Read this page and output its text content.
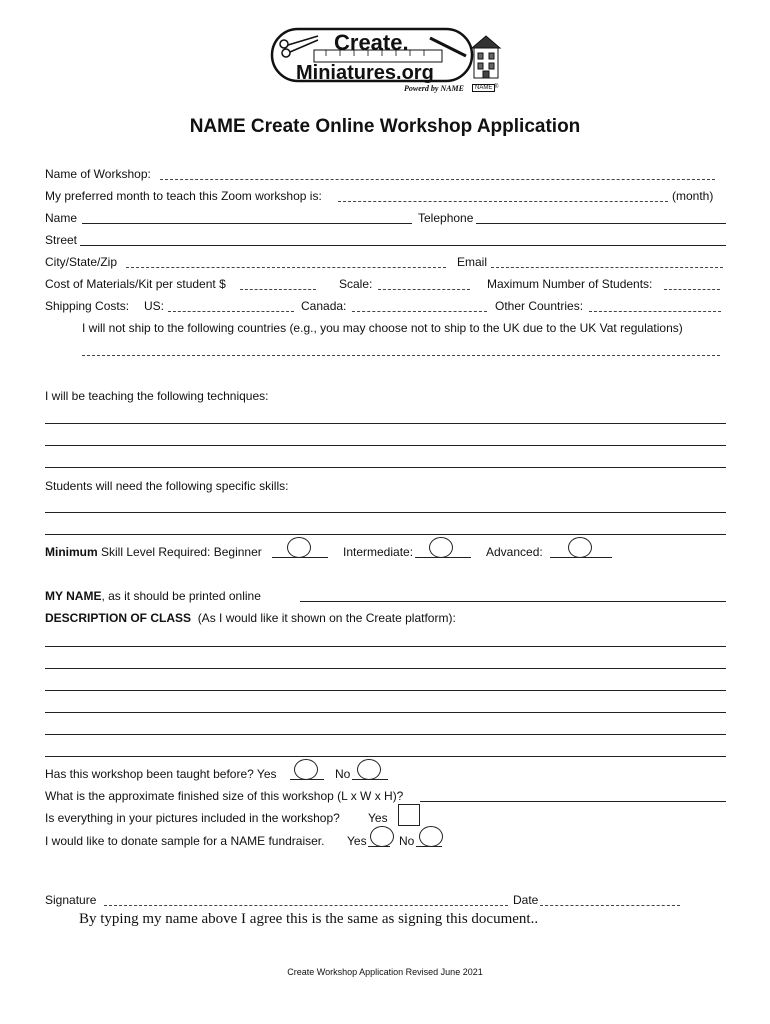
Create.
Miniatures.org
Powerd by NAME	NAME ®
NAME Create Online Workshop Application
Name of Workshop:
My preferred month to teach this Zoom workshop is:	(month)
Name	Telephone
Street
City/State/Zip	Email
Cost of Materials/Kit per student $	Scale:	Maximum Number of Students:
Shipping Costs: US:	Canada:	Other Countries:
I will not ship to the following countries (e.g., you may choose not to ship to the UK due to the UK Vat regulations)
I will be teaching the following techniques:
Students will need the following specific skills:
Minimum Skill Level Required: Beginner	Intermediate:	Advanced:
MY NAME, as it should be printed online
DESCRIPTION OF CLASS (As I would like it shown on the Create platform):
Has this workshop been taught before? Yes	No
What is the approximate finished size of this workshop (L x W x H)?
Is everything in your pictures included in the workshop? Yes
I would like to donate sample for a NAME fundraiser. Yes	No
Signature	Date
By typing my name above I agree this is the same as signing this document..
Create Workshop Application Revised June 2021
